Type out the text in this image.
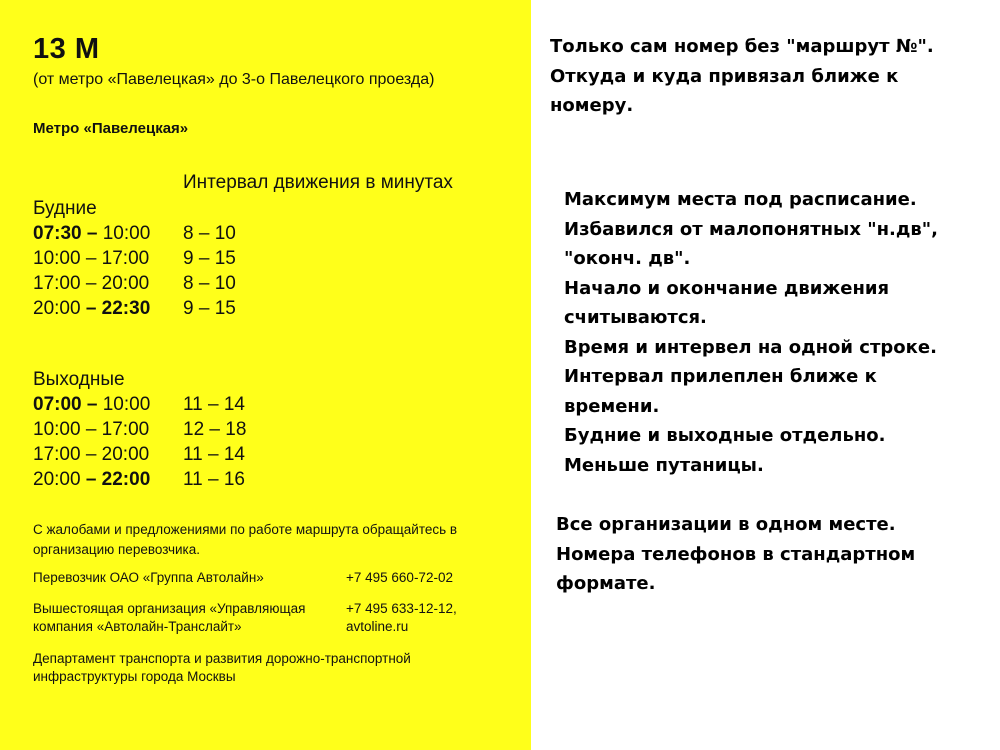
13 М
(от метро «Павелецкая» до 3-о Павелецкого проезда)
Метро «Павелецкая»
Интервал движения в минутах
Будние
07:30 – 10:00	8 – 10
10:00 – 17:00	9 – 15
17:00 – 20:00	8 – 10
20:00 – 22:30	9 – 15
Выходные
07:00 – 10:00	11 – 14
10:00 – 17:00	12 – 18
17:00 – 20:00	11 – 14
20:00 – 22:00	11 – 16
С жалобами и предложениями по работе маршрута обращайтесь в организацию перевозчика.
Перевозчик ОАО «Группа Автолайн»	+7 495 660-72-02
Вышестоящая организация «Управляющая компания «Автолайн-Транслайт»
+7 495 633-12-12, avtoline.ru
Департамент транспорта и развития дорожно-транспортной инфраструктуры города Москвы
Только сам номер без "маршрут №".
Откуда и куда привязал ближе к
номеру.
Максимум места под расписание.
Избавился от малопонятных "н.дв",
"оконч. дв".
Начало и окончание движения
считываются.
Время и интервел на одной строке.
Интервал прилеплен ближе к
времени.
Будние и выходные отдельно.
Меньше путаницы.
Все организации в одном месте.
Номера телефонов в стандартном
формате.
